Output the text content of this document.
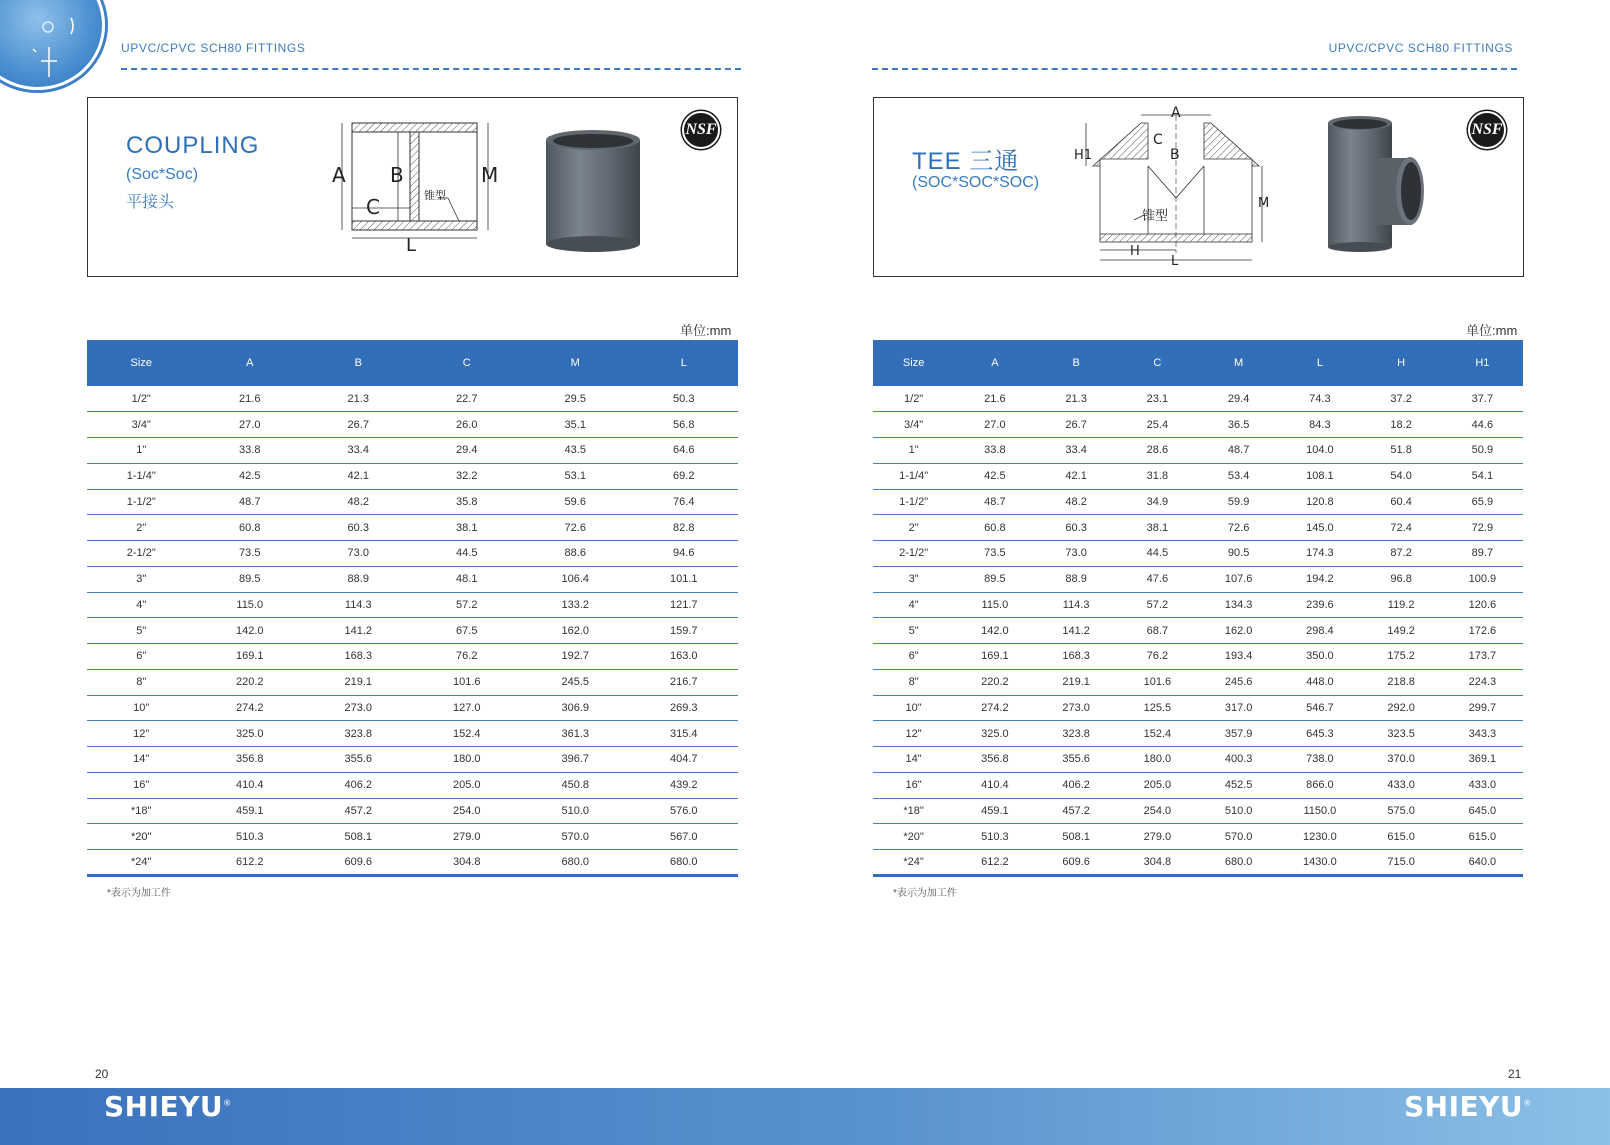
UPVC/CPVC SCH80 FITTINGS	UPVC/CPVC SCH80 FITTINGS
COUPLING
(Soc*Soc)
平接头
A B
C
M
L
锥型
NSF
TEE 三通
(SOC*SOC*SOC)
A
C
B
H1
M
H
L
锥型
NSF
单位:mm	单位:mm
Size	A	B	C	M	L
1/2"	21.6	21.3	22.7	29.5	50.3
3/4"	27.0	26.7	26.0	35.1	56.8
1"	33.8	33.4	29.4	43.5	64.6
1-1/4"	42.5	42.1	32.2	53.1	69.2
1-1/2"	48.7	48.2	35.8	59.6	76.4
2"	60.8	60.3	38.1	72.6	82.8
2-1/2"	73.5	73.0	44.5	88.6	94.6
3"	89.5	88.9	48.1	106.4	101.1
4"	115.0	114.3	57.2	133.2	121.7
5"	142.0	141.2	67.5	162.0	159.7
6"	169.1	168.3	76.2	192.7	163.0
8"	220.2	219.1	101.6	245.5	216.7
10"	274.2	273.0	127.0	306.9	269.3
12"	325.0	323.8	152.4	361.3	315.4
14"	356.8	355.6	180.0	396.7	404.7
16"	410.4	406.2	205.0	450.8	439.2
*18"	459.1	457.2	254.0	510.0	576.0
*20"	510.3	508.1	279.0	570.0	567.0
*24"	612.2	609.6	304.8	680.0	680.0
Size	A	B	C	M	L	H	H1
1/2"	21.6	21.3	23.1	29.4	74.3	37.2	37.7
3/4"	27.0	26.7	25.4	36.5	84.3	18.2	44.6
1"	33.8	33.4	28.6	48.7	104.0	51.8	50.9
1-1/4"	42.5	42.1	31.8	53.4	108.1	54.0	54.1
1-1/2"	48.7	48.2	34.9	59.9	120.8	60.4	65.9
2"	60.8	60.3	38.1	72.6	145.0	72.4	72.9
2-1/2"	73.5	73.0	44.5	90.5	174.3	87.2	89.7
3"	89.5	88.9	47.6	107.6	194.2	96.8	100.9
4"	115.0	114.3	57.2	134.3	239.6	119.2	120.6
5"	142.0	141.2	68.7	162.0	298.4	149.2	172.6
6"	169.1	168.3	76.2	193.4	350.0	175.2	173.7
8"	220.2	219.1	101.6	245.6	448.0	218.8	224.3
10"	274.2	273.0	125.5	317.0	546.7	292.0	299.7
12"	325.0	323.8	152.4	357.9	645.3	323.5	343.3
14"	356.8	355.6	180.0	400.3	738.0	370.0	369.1
16"	410.4	406.2	205.0	452.5	866.0	433.0	433.0
*18"	459.1	457.2	254.0	510.0	1150.0	575.0	645.0
*20"	510.3	508.1	279.0	570.0	1230.0	615.0	615.0
*24"	612.2	609.6	304.8	680.0	1430.0	715.0	640.0
*表示为加工件	*表示为加工件
20	21
SHIEYU®	SHIEYU®
